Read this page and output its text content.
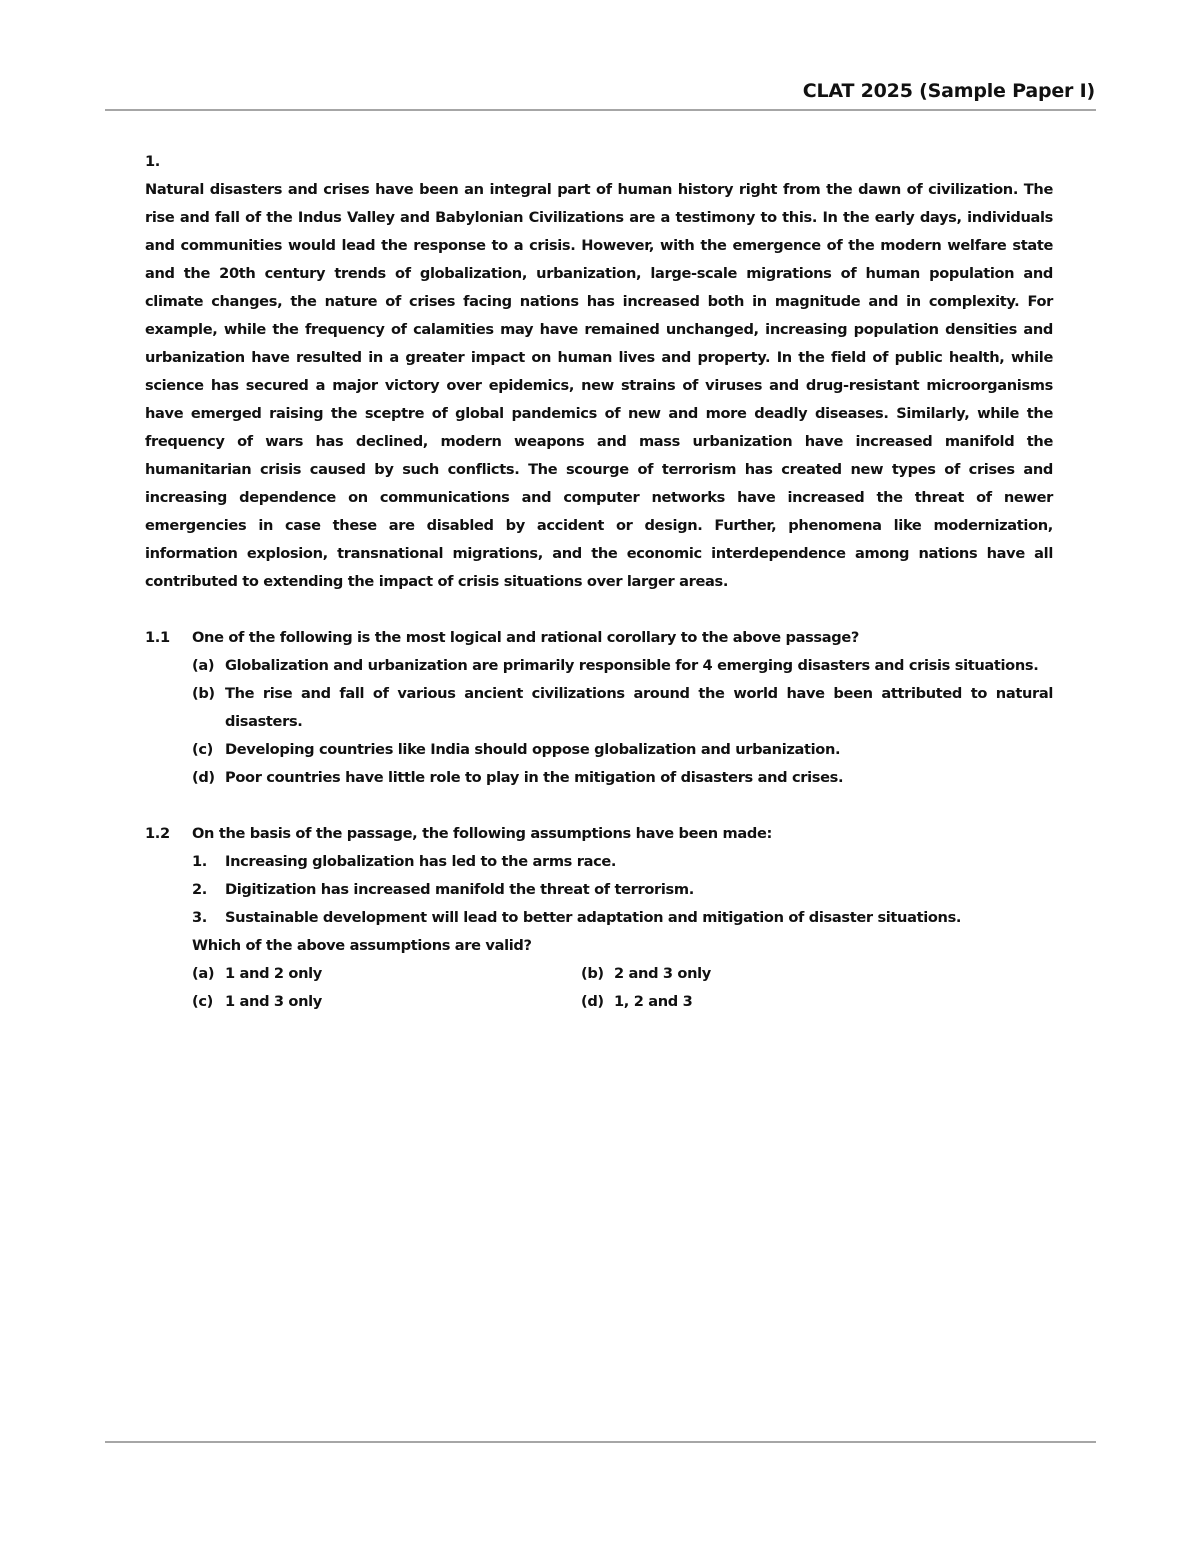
CLAT 2025 (Sample Paper I)

1.

Natural disasters and crises have been an integral part of human history right from the dawn of civilization. The rise and fall of the Indus Valley and Babylonian Civilizations are a testimony to this. In the early days, individuals and communities would lead the response to a crisis. However, with the emergence of the modern welfare state and the 20th century trends of globalization, urbanization, large-scale migrations of human population and climate changes, the nature of crises facing nations has increased both in magnitude and in complexity. For example, while the frequency of calamities may have remained unchanged, increasing population densities and urbanization have resulted in a greater impact on human lives and property. In the field of public health, while science has secured a major victory over epidemics, new strains of viruses and drug-resistant microorganisms have emerged raising the sceptre of global pandemics of new and more deadly diseases. Similarly, while the frequency of wars has declined, modern weapons and mass urbanization have increased manifold the humanitarian crisis caused by such conflicts. The scourge of terrorism has created new types of crises and increasing dependence on communications and computer networks have increased the threat of newer emergencies in case these are disabled by accident or design. Further, phenomena like modernization, information explosion, transnational migrations, and the economic interdependence among nations have all contributed to extending the impact of crisis situations over larger areas.

1.1	One of the following is the most logical and rational corollary to the above passage?
(a) Globalization and urbanization are primarily responsible for 4 emerging disasters and crisis situations.
(b) The rise and fall of various ancient civilizations around the world have been attributed to natural disasters.
(c) Developing countries like India should oppose globalization and urbanization.
(d) Poor countries have little role to play in the mitigation of disasters and crises.
1.2	On the basis of the passage, the following assumptions have been made:
1.	Increasing globalization has led to the arms race.
2.	Digitization has increased manifold the threat of terrorism.
3.	Sustainable development will lead to better adaptation and mitigation of disaster situations.
Which of the above assumptions are valid?
(a) 1 and 2 only	(b) 2 and 3 only
(c) 1 and 3 only	(d) 1, 2 and 3
